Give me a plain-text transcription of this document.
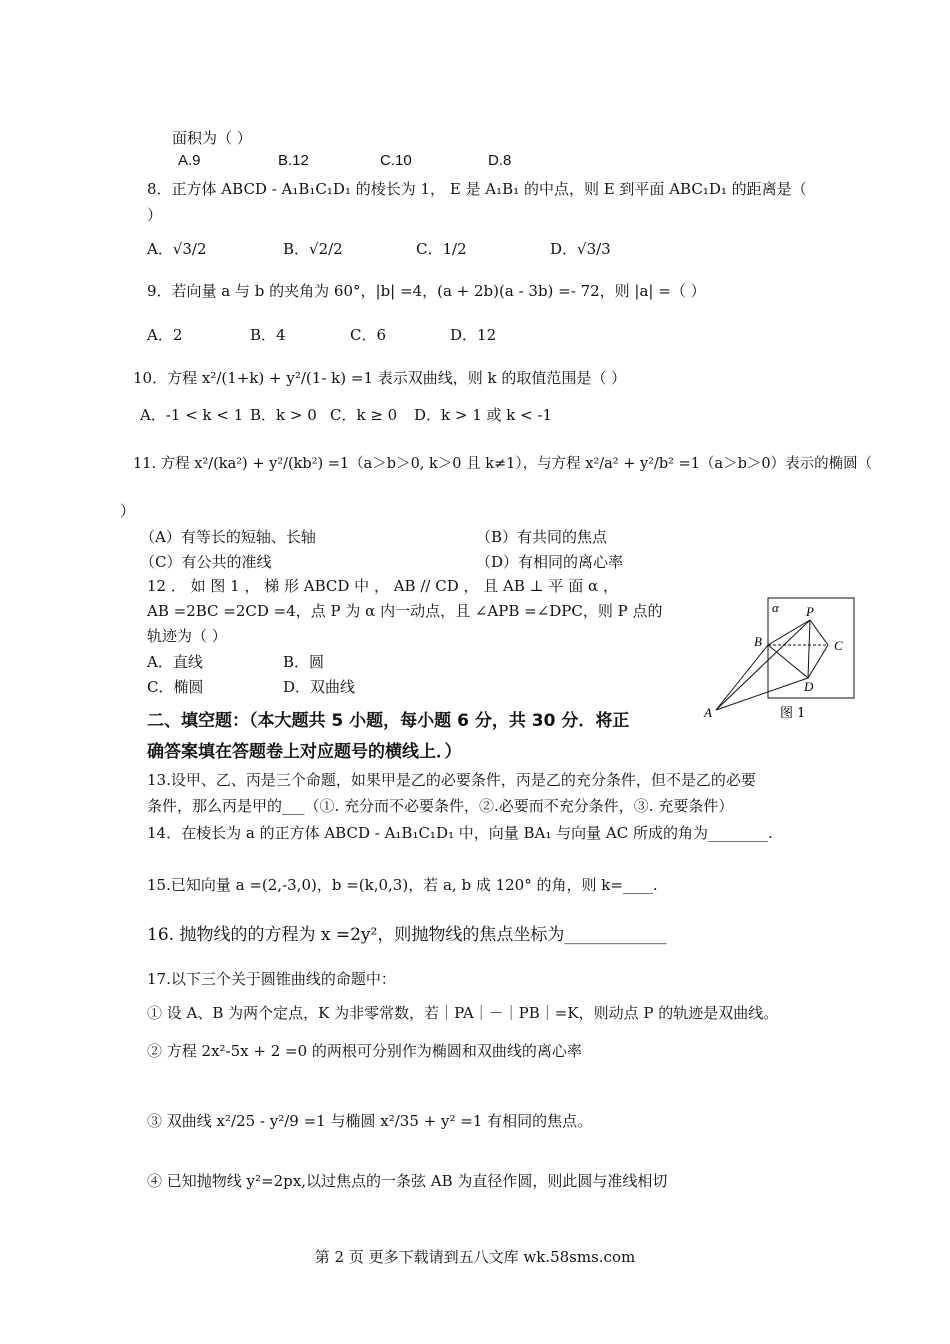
面积为（ ）
A.9	B.12	C.10	D.8
8．正方体 ABCD - A₁B₁C₁D₁ 的棱长为 1， E 是 A₁B₁ 的中点，则 E 到平面 ABC₁D₁ 的距离是（
）
A．√3/2	B．√2/2	C．1/2	D．√3/3
9．若向量 a 与 b 的夹角为 60°，|b| =4，(a + 2b)(a - 3b) =- 72，则 |a| =（ ）
A．2	B．4	C．6	D．12
10．方程 x²/(1+k) + y²/(1- k) =1 表示双曲线，则 k 的取值范围是（ ）
A．-1 < k < 1 B．k > 0 C．k ≥ 0 D．k > 1 或 k < -1
11. 方程 x²/(ka²) + y²/(kb²) =1（a＞b＞0, k＞0 且 k≠1），与方程 x²/a² + y²/b² =1（a＞b＞0）表示的椭圆（
）
（A）有等长的短轴、长轴	（B）有共同的焦点
（C）有公共的准线	（D）有相同的离心率
12 ． 如 图 1 ， 梯 形 ABCD 中 ， AB // CD ， 且 AB ⊥ 平 面 α ，
AB =2BC =2CD =4，点 P 为 α 内一动点，且 ∠APB =∠DPC，则 P 点的
轨迹为（ ）
A．直线	B．圆
C．椭圆	D．双曲线
α P
B	C
D
A	图 1
二、填空题：（本大题共 5 小题，每小题 6 分，共 30 分．将正
确答案填在答题卷上对应题号的横线上．）
13.设甲、乙、丙是三个命题，如果甲是乙的必要条件，丙是乙的充分条件，但不是乙的必要
条件，那么丙是甲的___（①. 充分而不必要条件，②.必要而不充分条件，③. 充要条件）
14．在棱长为 a 的正方体 ABCD - A₁B₁C₁D₁ 中，向量 BA₁ 与向量 AC 所成的角为________.
15.已知向量 a =(2,-3,0)，b =(k,0,3)，若 a, b 成 120° 的角，则 k=____.
16. 抛物线的的方程为 x =2y²，则抛物线的焦点坐标为____________
17.以下三个关于圆锥曲线的命题中：
① 设 A、B 为两个定点，K 为非零常数，若｜PA｜－｜PB｜=K，则动点 P 的轨迹是双曲线。
② 方程 2x²-5x + 2 =0 的两根可分别作为椭圆和双曲线的离心率
③ 双曲线 x²/25 - y²/9 =1 与椭圆 x²/35 + y² =1 有相同的焦点。
④ 已知抛物线 y²=2px,以过焦点的一条弦 AB 为直径作圆，则此圆与准线相切
第 2 页 更多下载请到五八文库 wk.58sms.com
